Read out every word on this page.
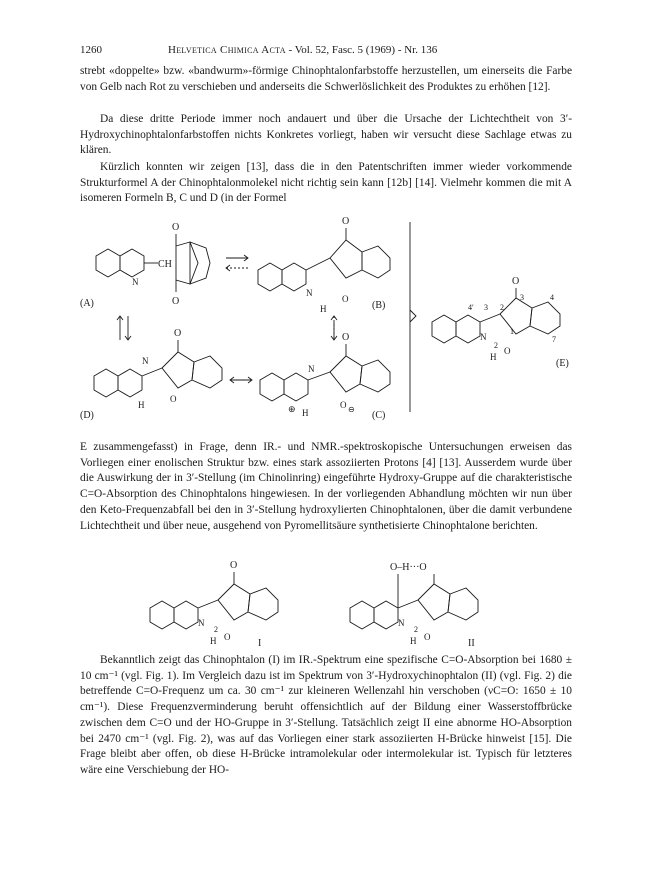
1260	Helvetica Chimica Acta - Vol. 52, Fasc. 5 (1969) - Nr. 136

strebt «doppelte» bzw. «bandwurm»-förmige Chinophtalonfarbstoffe herzustellen, um einerseits die Farbe von Gelb nach Rot zu verschieben und anderseits die Schwerlöslichkeit des Produktes zu erhöhen [12].

Da diese dritte Periode immer noch andauert und über die Ursache der Lichtechtheit von 3′-Hydroxychinophtalonfarbstoffen nichts Konkretes vorliegt, haben wir versucht diese Sachlage etwas zu klären.

Kürzlich konnten wir zeigen [13], dass die in den Patentschriften immer wieder vorkommende Strukturformel A der Chinophtalonmolekel nicht richtig sein kann [12b] [14]. Vielmehr kommen die mit A isomeren Formeln B, C und D (in der Formel

CH
N
O
O
(A)
O
N
H
O
(B)
O
N
H
O
(D)
O
N
⊕ H
O ⊖
(C)
O
4′ 3
3	4
2
1
7
N
2
H
O
(E)

E zusammengefasst) in Frage, denn IR.- und NMR.-spektroskopische Untersuchungen erweisen das Vorliegen einer enolischen Struktur bzw. eines stark assoziierten Protons [4] [13]. Ausserdem wurde über die Auswirkung der in 3′-Stellung (im Chinolinring) eingeführte Hydroxy-Gruppe auf die charakteristische C=O-Absorption des Chinophtalons hingewiesen. In der vorliegenden Abhandlung möchten wir nun über den Keto-Frequenzabfall bei den in 3′-Stellung hydroxylierten Chinophtalonen, über die damit verbundene Lichtechtheit und über neue, ausgehend von Pyromellitsäure synthetisierte Chinophtalone berichten.

O
N
2
H O
I
O–H···O
N
2
H O
II

Bekanntlich zeigt das Chinophtalon (I) im IR.-Spektrum eine spezifische C=O-Absorption bei 1680 ± 10 cm⁻¹ (vgl. Fig. 1). Im Vergleich dazu ist im Spektrum von 3′-Hydroxychinophtalon (II) (vgl. Fig. 2) die betreffende C=O-Frequenz um ca. 30 cm⁻¹ zur kleineren Wellenzahl hin verschoben (νC=O: 1650 ± 10 cm⁻¹). Diese Frequenzverminderung beruht offensichtlich auf der Bildung einer Wasserstoffbrücke zwischen dem C=O und der HO-Gruppe in 3′-Stellung. Tatsächlich zeigt II eine abnorme HO-Absorption bei 2470 cm⁻¹ (vgl. Fig. 2), was auf das Vorliegen einer stark assoziierten H-Brücke hinweist [15]. Die Frage bleibt aber offen, ob diese H-Brücke intramolekular oder intermolekular ist. Typisch für letzteres wäre eine Verschiebung der HO-
